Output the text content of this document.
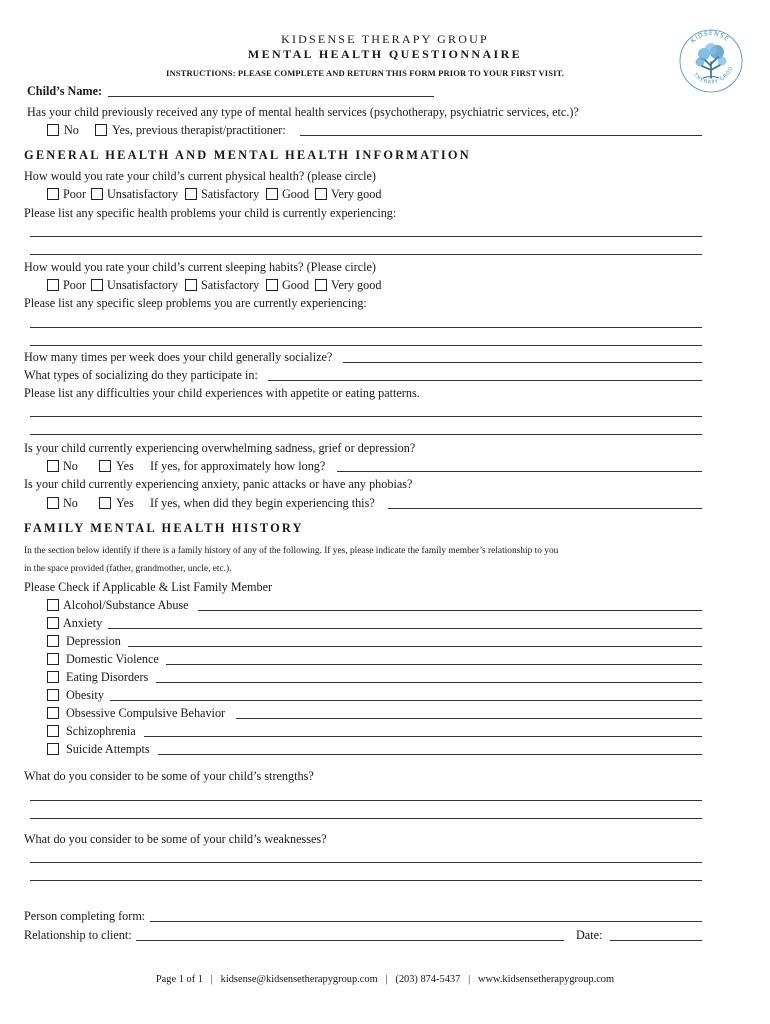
KIDSENSE THERAPY GROUP
MENTAL HEALTH QUESTIONNAIRE
INSTRUCTIONS: PLEASE COMPLETE AND RETURN THIS FORM PRIOR TO YOUR FIRST VISIT.
KIDSENSE
THERAPY GROU
Child’s Name:
Has your child previously received any type of mental health services (psychotherapy, psychiatric services, etc.)?
No	Yes, previous therapist/practitioner:
GENERAL HEALTH AND MENTAL HEALTH INFORMATION
How would you rate your child’s current physical health? (please circle)
Poor Unsatisfactory Satisfactory Good Very good
Please list any specific health problems your child is currently experiencing:
How would you rate your child’s current sleeping habits? (Please circle)
Poor Unsatisfactory Satisfactory Good Very good
Please list any specific sleep problems you are currently experiencing:
How many times per week does your child generally socialize?
What types of socializing do they participate in:
Please list any difficulties your child experiences with appetite or eating patterns.
Is your child currently experiencing overwhelming sadness, grief or depression?
No	Yes If yes, for approximately how long?
Is your child currently experiencing anxiety, panic attacks or have any phobias?
No	Yes If yes, when did they begin experiencing this?
FAMILY MENTAL HEALTH HISTORY
In the section below identify if there is a family history of any of the following. If yes, please indicate the family member’s relationship to you
in the space provided (father, grandmother, uncle, etc.).
Please Check if Applicable & List Family Member
Alcohol/Substance Abuse
Anxiety
Depression
Domestic Violence
Eating Disorders
Obesity
Obsessive Compulsive Behavior
Schizophrenia
Suicide Attempts
What do you consider to be some of your child’s strengths?
What do you consider to be some of your child’s weaknesses?
Person completing form:
Relationship to client:	Date:
Page 1 of 1 | kidsense@kidsensetherapygroup.com | (203) 874-5437 | www.kidsensetherapygroup.com
